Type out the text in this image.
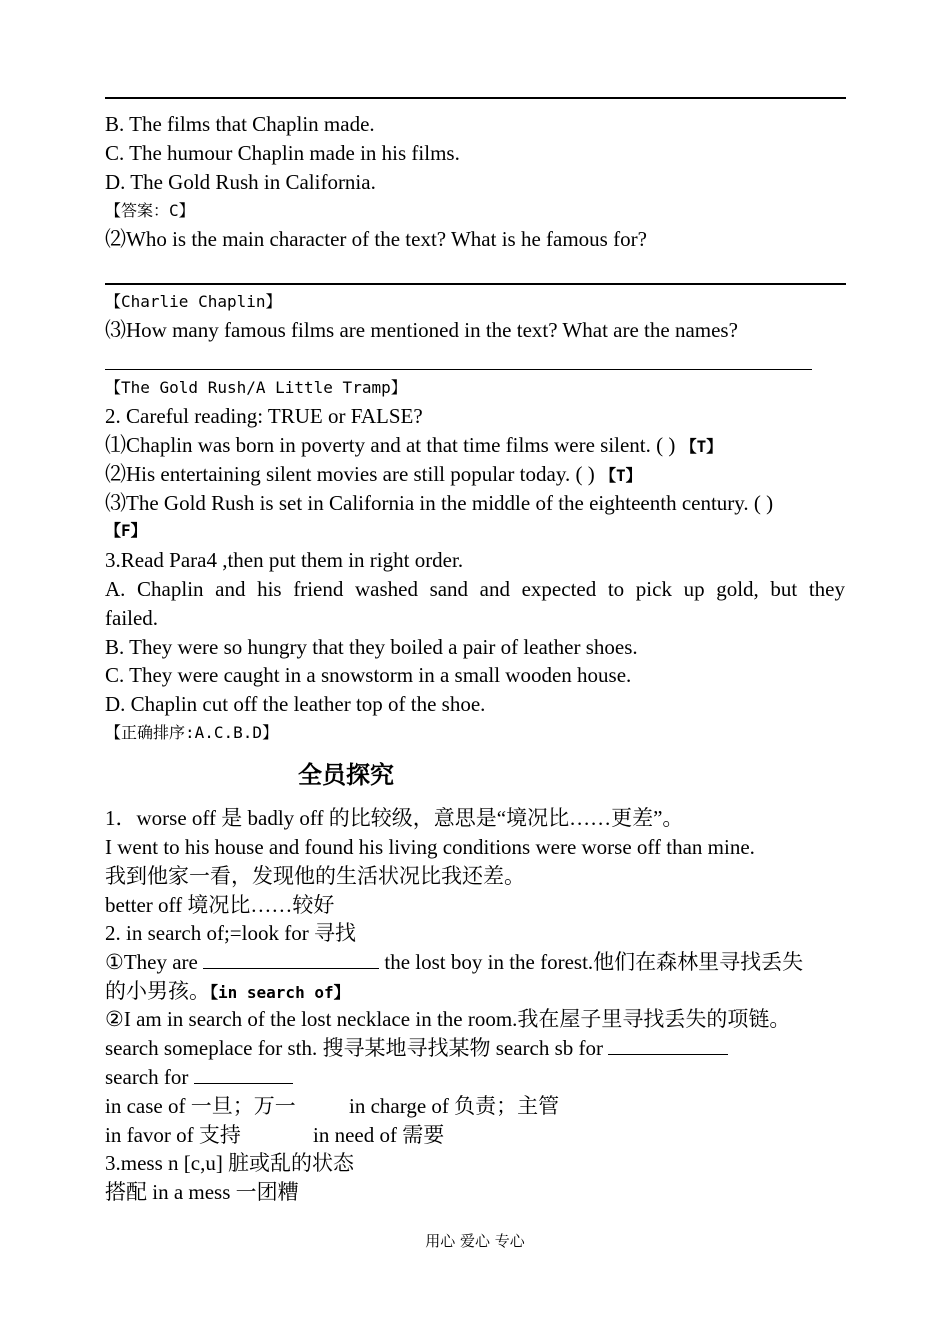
B. The films that Chaplin made.
C. The humour Chaplin made in his films.
D. The Gold Rush in California.
【答案：C】
⑵Who is the main character of the text? What is he famous for?
【Charlie Chaplin】
⑶How many famous films are mentioned in the text? What are the names?
【The Gold Rush/A Little Tramp】
2. Careful reading: TRUE or FALSE?
⑴Chaplin was born in poverty and at that time films were silent. ( ) 【T】
⑵His entertaining silent movies are still popular today. ( ) 【T】
⑶The Gold Rush is set in California in the middle of the eighteenth century. ( )
【F】
3.Read Para4 ,then put them in right order.
A. Chaplin and his friend washed sand and expected to pick up gold, but they
failed.
B. They were so hungry that they boiled a pair of leather shoes.
C. They were caught in a snowstorm in a small wooden house.
D. Chaplin cut off the leather top of the shoe.
【正确排序:A.C.B.D】
全员探究
1．worse off 是 badly off 的比较级，意思是“境况比……更差”。
I went to his house and found his living conditions were worse off than mine.
我到他家一看，发现他的生活状况比我还差。
better off 境况比……较好
2. in search of;=look for 寻找
①They are	the lost boy in the forest.他们在森林里寻找丢失
的小男孩。【in search of】
②I am in search of the lost necklace in the room.我在屋子里寻找丢失的项链。
search someplace for sth. 搜寻某地寻找某物 search sb for
search for
in case of 一旦；万一	in charge of 负责；主管
in favor of 支持	in need of 需要
3.mess n [c,u] 脏或乱的状态
搭配 in a mess 一团糟
用心 爱心 专心
